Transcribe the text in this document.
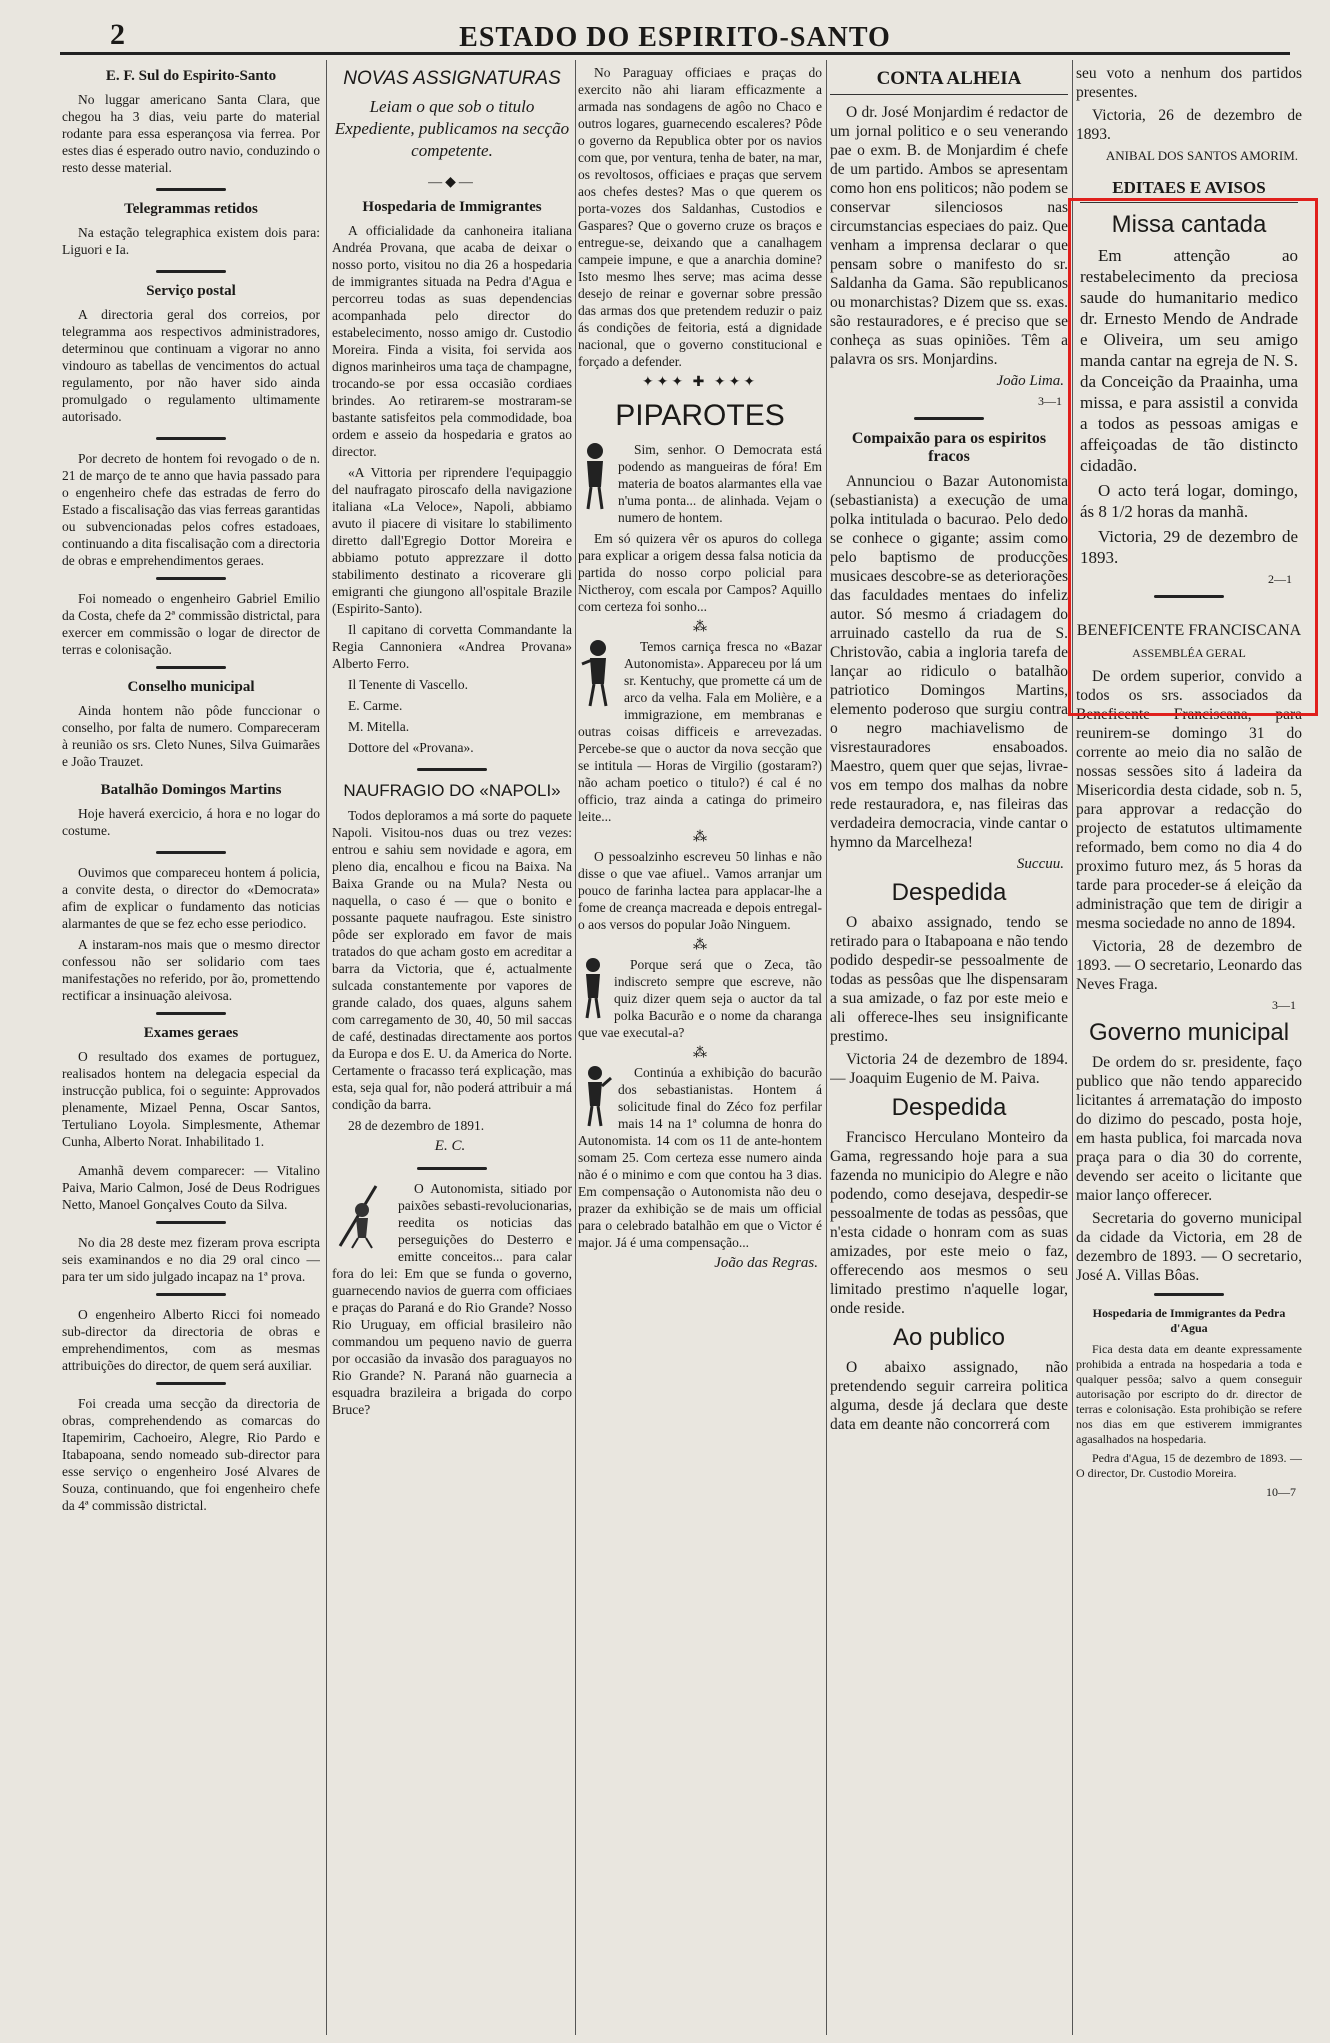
2	ESTADO DO ESPIRITO-SANTO
E. F. Sul do Espirito-Santo

No luggar americano Santa Clara, que chegou ha 3 dias, veiu parte do material rodante para essa esperançosa via ferrea. Por estes dias é esperado outro navio, conduzindo o resto desse material.

Telegrammas retidos

Na estação telegraphica existem dois para: Liguori e Ia.

Serviço postal

A directoria geral dos correios, por telegramma aos respectivos administradores, determinou que continuam a vigorar no anno vindouro as tabellas de vencimentos do actual regulamento, por não haver sido ainda promulgado o regulamento ultimamente autorisado.

Por decreto de hontem foi revogado o de n. 21 de março de te anno que havia passado para o engenheiro chefe das estradas de ferro do Estado a fiscalisação das vias ferreas garantidas ou subvencionadas pelos cofres estadoaes, continuando a dita fiscalisação com a directoria de obras e emprehendimentos geraes.

Foi nomeado o engenheiro Gabriel Emilio da Costa, chefe da 2ª commissão districtal, para exercer em commissão o logar de director de terras e colonisação.

Conselho municipal

Ainda hontem não pôde funccionar o conselho, por falta de numero. Compareceram à reunião os srs. Cleto Nunes, Silva Guimarães e João Trauzet.

Batalhão Domingos Martins

Hoje haverá exercicio, á hora e no logar do costume.

Ouvimos que compareceu hontem á policia, a convite desta, o director do «Democrata» afim de explicar o fundamento das noticias alarmantes de que se fez echo esse periodico.

A instaram-nos mais que o mesmo director confessou não ser solidario com taes manifestações no referido, por ão, promettendo rectificar a insinuação aleivosa.

Exames geraes

O resultado dos exames de portuguez, realisados hontem na delegacia especial da instrucção publica, foi o seguinte: Approvados plenamente, Mizael Penna, Oscar Santos, Tertuliano Loyola. Simplesmente, Athemar Cunha, Alberto Norat. Inhabilitado 1.

Amanhã devem comparecer: — Vitalino Paiva, Mario Calmon, José de Deus Rodrigues Netto, Manoel Gonçalves Couto da Silva.

No dia 28 deste mez fizeram prova escripta seis examinandos e no dia 29 oral cinco — para ter um sido julgado incapaz na 1ª prova.

O engenheiro Alberto Ricci foi nomeado sub-director da directoria de obras e emprehendimentos, com as mesmas attribuições do director, de quem será auxiliar.

Foi creada uma secção da directoria de obras, comprehendendo as comarcas do Itapemirim, Cachoeiro, Alegre, Rio Pardo e Itabapoana, sendo nomeado sub-director para esse serviço o engenheiro José Alvares de Souza, continuando, que foi engenheiro chefe da 4ª commissão districtal.

NOVAS ASSIGNATURAS
Leiam o que sob o titulo Expediente, publicamos na secção competente.
—◆—
Hospedaria de Immigrantes

A officialidade da canhoneira italiana Andréa Provana, que acaba de deixar o nosso porto, visitou no dia 26 a hospedaria de immigrantes situada na Pedra d'Agua e percorreu todas as suas dependencias acompanhada pelo director do estabelecimento, nosso amigo dr. Custodio Moreira. Finda a visita, foi servida aos dignos marinheiros uma taça de champagne, trocando-se por essa occasião cordiaes brindes. Ao retirarem-se mostraram-se bastante satisfeitos pela commodidade, boa ordem e asseio da hospedaria e gratos ao director.

«A Vittoria per riprendere l'equipaggio del naufragato piroscafo della navigazione italiana «La Veloce», Napoli, abbiamo avuto il piacere di visitare lo stabilimento diretto dall'Egregio Dottor Moreira e abbiamo potuto apprezzare il dotto stabilimento destinato a ricoverare gli emigranti che giungono all'ospitale Brazile (Espirito-Santo).

Il capitano di corvetta Commandante la Regia Cannoniera «Andrea Provana» Alberto Ferro.

Il Tenente di Vascello.

E. Carme.

M. Mitella.

Dottore del «Provana».

NAUFRAGIO DO «NAPOLI»

Todos deploramos a má sorte do paquete Napoli. Visitou-nos duas ou trez vezes: entrou e sahiu sem novidade e agora, em pleno dia, encalhou e ficou na Baixa. Na Baixa Grande ou na Mula? Nesta ou naquella, o caso é — que o bonito e possante paquete naufragou. Este sinistro pôde ser explorado em favor de mais tratados do que acham gosto em acreditar a barra da Victoria, que é, actualmente sulcada constantemente por vapores de grande calado, dos quaes, alguns sahem com carregamento de 30, 40, 50 mil saccas de café, destinadas directamente aos portos da Europa e dos E. U. da America do Norte. Certamente o fracasso terá explicação, mas esta, seja qual for, não poderá attribuir a má condição da barra.

28 de dezembro de 1891.

E. C.

O Autonomista, sitiado por paixões sebasti-revolucionarias, reedita os noticias das perseguições do Desterro e emitte conceitos... para calar fora do lei: Em que se funda o governo, guarnecendo navios de guerra com officiaes e praças do Paraná e do Rio Grande? Nosso Rio Uruguay, em official brasileiro não commandou um pequeno navio de guerra por occasião da invasão dos paraguayos no Rio Grande? N. Paraná não guarnecia a esquadra brazileira a brigada do corpo Bruce?

No Paraguay officiaes e praças do exercito não ahi liaram efficazmente a armada nas sondagens de agôo no Chaco e outros logares, guarnecendo escaleres? Pôde o governo da Republica obter por os navios com que, por ventura, tenha de bater, na mar, os revoltosos, officiaes e praças que servem aos chefes destes? Mas o que querem os porta-vozes dos Saldanhas, Custodios e Gaspares? Que o governo cruze os braços e entregue-se, deixando que a canalhagem campeie impune, e que a anarchia domine? Isto mesmo lhes serve; mas acima desse desejo de reinar e governar sobre pressão das armas dos que pretendem reduzir o paiz ás condições de feitoria, está a dignidade nacional, que o governo constitucional e forçado a defender.

✦✦✦ ✚ ✦✦✦
PIPAROTES

Sim, senhor. O Democrata está podendo as mangueiras de fóra! Em materia de boatos alarmantes ella vae n'uma ponta... de alinhada. Vejam o numero de hontem.

Em só quizera vêr os apuros do collega para explicar a origem dessa falsa noticia da partida do nosso corpo policial para Nictheroy, com escala por Campos? Aquillo com certeza foi sonho...

⁂

Temos carniça fresca no «Bazar Autonomista». Appareceu por lá um sr. Kentuchy, que promette cá um de arco da velha. Fala em Molière, e a immigrazione, em membranas e outras coisas difficeis e arrevezadas. Percebe-se que o auctor da nova secção que se intitula — Horas de Virgilio (gostaram?) não acham poetico o titulo?) é cal é no officio, traz ainda a catinga do primeiro leite...

⁂

O pessoalzinho escreveu 50 linhas e não disse o que vae afiuel.. Vamos arranjar um pouco de farinha lactea para applacar-lhe a fome de creança macreada e depois entregal-o aos versos do popular João Ninguem.

⁂

Porque será que o Zeca, tão indiscreto sempre que escreve, não quiz dizer quem seja o auctor da tal polka Bacurão e o nome da charanga que vae executal-a?

⁂

Continúa a exhibição do bacurão dos sebastianistas. Hontem á solicitude final do Zéco foz perfilar mais 14 na 1ª columna de honra do Autonomista. 14 com os 11 de ante-hontem somam 25. Com certeza esse numero ainda não é o minimo e com que contou ha 3 dias. Em compensação o Autonomista não deu o prazer da exhibição se de mais um official para o celebrado batalhão em que o Victor é major. Já é uma compensação...

João das Regras.
CONTA ALHEIA

O dr. José Monjardim é redactor de um jornal politico e o seu venerando pae o exm. B. de Monjardim é chefe de um partido. Ambos se apresentam como hon ens politicos; não podem se conservar silenciosos nas circumstancias especiaes do paiz. Que venham a imprensa declarar o que pensam sobre o manifesto do sr. Saldanha da Gama. São republicanos ou monarchistas? Dizem que ss. exas. são restauradores, e é preciso que se conheça as suas opiniões. Têm a palavra os srs. Monjardins.

João Lima.
3—1
Compaixão para os espiritos fracos

Annunciou o Bazar Autonomista (sebastianista) a execução de uma polka intitulada o bacurao. Pelo dedo se conhece o gigante; assim como pelo baptismo de producções musicaes descobre-se as deteriorações das faculdades mentaes do infeliz autor. Só mesmo á criadagem do arruinado castello da rua de S. Christovão, cabia a ingloria tarefa de lançar ao ridiculo o batalhão patriotico Domingos Martins, elemento poderoso que surgiu contra o negro machiavelismo de visrestauradores ensaboados. Maestro, quem quer que sejas, livrae-vos em tempo dos malhas da nobre rede restauradora, e, nas fileiras das verdadeira democracia, vinde cantar o hymno da Marcelheza!

Succuu.
Despedida

O abaixo assignado, tendo se retirado para o Itabapoana e não tendo podido despedir-se pessoalmente de todas as pessôas que lhe dispensaram a sua amizade, o faz por este meio e ali offerece-lhes seu insignificante prestimo.

Victoria 24 de dezembro de 1894. — Joaquim Eugenio de M. Paiva.

Despedida

Francisco Herculano Monteiro da Gama, regressando hoje para a sua fazenda no municipio do Alegre e não podendo, como desejava, despedir-se pessoalmente de todas as pessôas, que n'esta cidade o honram com as suas amizades, por este meio o faz, offerecendo aos mesmos o seu limitado prestimo n'aquelle logar, onde reside.

Ao publico

O abaixo assignado, não pretendendo seguir carreira politica alguma, desde já declara que deste data em deante não concorrerá com

seu voto a nenhum dos partidos presentes.

Victoria, 26 de dezembro de 1893.

ANIBAL DOS SANTOS AMORIM.
EDITAES E AVISOS
Missa cantada

Em attenção ao restabelecimento da preciosa saude do humanitario medico dr. Ernesto Mendo de Andrade e Oliveira, um seu amigo manda cantar na egreja de N. S. da Conceição da Praainha, uma missa, e para assistil a convida a todos as pessoas amigas e affeiçoadas de tão distincto cidadão.

O acto terá logar, domingo, ás 8 1/2 horas da manhã.

Victoria, 29 de dezembro de 1893.

2—1
BENEFICENTE FRANCISCANA
ASSEMBLÉA GERAL

De ordem superior, convido a todos os srs. associados da Beneficente Franciscana, para reunirem-se domingo 31 do corrente ao meio dia no salão de nossas sessões sito á ladeira da Misericordia desta cidade, sob n. 5, para approvar a redacção do projecto de estatutos ultimamente reformado, bem como no dia 4 do proximo futuro mez, ás 5 horas da tarde para proceder-se á eleição da administração que tem de dirigir a mesma sociedade no anno de 1894.

Victoria, 28 de dezembro de 1893. — O secretario, Leonardo das Neves Fraga.

3—1
Governo municipal

De ordem do sr. presidente, faço publico que não tendo apparecido licitantes á arrematação do imposto do dizimo do pescado, posta hoje, em hasta publica, foi marcada nova praça para o dia 30 do corrente, devendo ser aceito o licitante que maior lanço offerecer.

Secretaria do governo municipal da cidade da Victoria, em 28 de dezembro de 1893. — O secretario, José A. Villas Bôas.

Hospedaria de Immigrantes da Pedra d'Agua

Fica desta data em deante expressamente prohibida a entrada na hospedaria a toda e qualquer pessôa; salvo a quem conseguir autorisação por escripto do dr. director de terras e colonisação. Esta prohibição se refere nos dias em que estiverem immigrantes agasalhados na hospedaria.

Pedra d'Agua, 15 de dezembro de 1893. — O director, Dr. Custodio Moreira.

10—7
